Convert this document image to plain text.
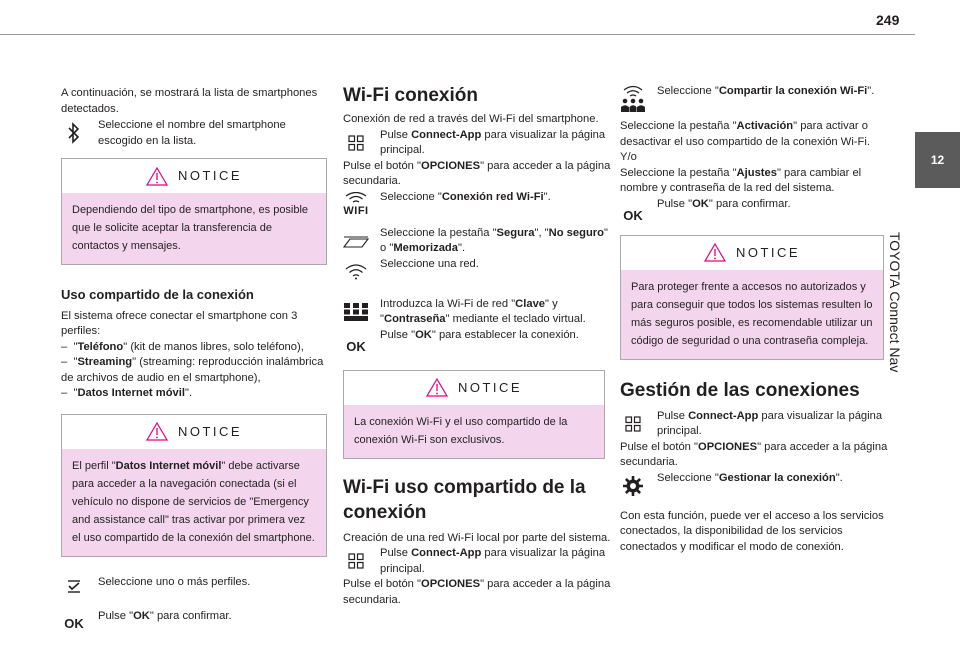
249
12
TOYOTA Connect Nav

A continuación, se mostrará la lista de smartphones detectados.

Seleccione el nombre del smartphone escogido en la lista.

NOTICE
Dependiendo del tipo de smartphone, es posible que le solicite aceptar la transferencia de contactos y mensajes.
Uso compartido de la conexión

El sistema ofrece conectar el smartphone con 3 perfiles:

– "Teléfono" (kit de manos libres, solo teléfono),

– "Streaming" (streaming: reproducción inalámbrica de archivos de audio en el smartphone),

– "Datos Internet móvil".

NOTICE
El perfil "Datos Internet móvil" debe activarse para acceder a la navegación conectada (si el vehículo no dispone de servicios de "Emergency and assistance call" tras activar por primera vez el uso compartido de la conexión del smartphone.

Seleccione uno o más perfiles.

OK

Pulse "OK" para confirmar.

Wi-Fi conexión

Conexión de red a través del Wi-Fi del smartphone.

Pulse Connect-App para visualizar la página principal.

Pulse el botón "OPCIONES" para acceder a la página secundaria.

WIFI

Seleccione "Conexión red Wi-Fi".

Seleccione la pestaña "Segura", "No seguro" o "Memorizada".

Seleccione una red.

Introduzca la Wi-Fi de red "Clave" y "Contraseña" mediante el teclado virtual.

OK

Pulse "OK" para establecer la conexión.

NOTICE
La conexión Wi-Fi y el uso compartido de la conexión Wi-Fi son exclusivos.
Wi-Fi uso compartido de la conexión

Creación de una red Wi-Fi local por parte del sistema.

Pulse Connect-App para visualizar la página principal.

Pulse el botón "OPCIONES" para acceder a la página secundaria.

Seleccione "Compartir la conexión Wi-Fi".

Seleccione la pestaña "Activación" para activar o desactivar el uso compartido de la conexión Wi-Fi.

Y/o

Seleccione la pestaña "Ajustes" para cambiar el nombre y contraseña de la red del sistema.

OK

Pulse "OK" para confirmar.

NOTICE
Para proteger frente a accesos no autorizados y para conseguir que todos los sistemas resulten lo más seguros posible, es recomendable utilizar un código de seguridad o una contraseña compleja.
Gestión de las conexiones

Pulse Connect-App para visualizar la página principal.

Pulse el botón "OPCIONES" para acceder a la página secundaria.

Seleccione "Gestionar la conexión".

Con esta función, puede ver el acceso a los servicios conectados, la disponibilidad de los servicios conectados y modificar el modo de conexión.
